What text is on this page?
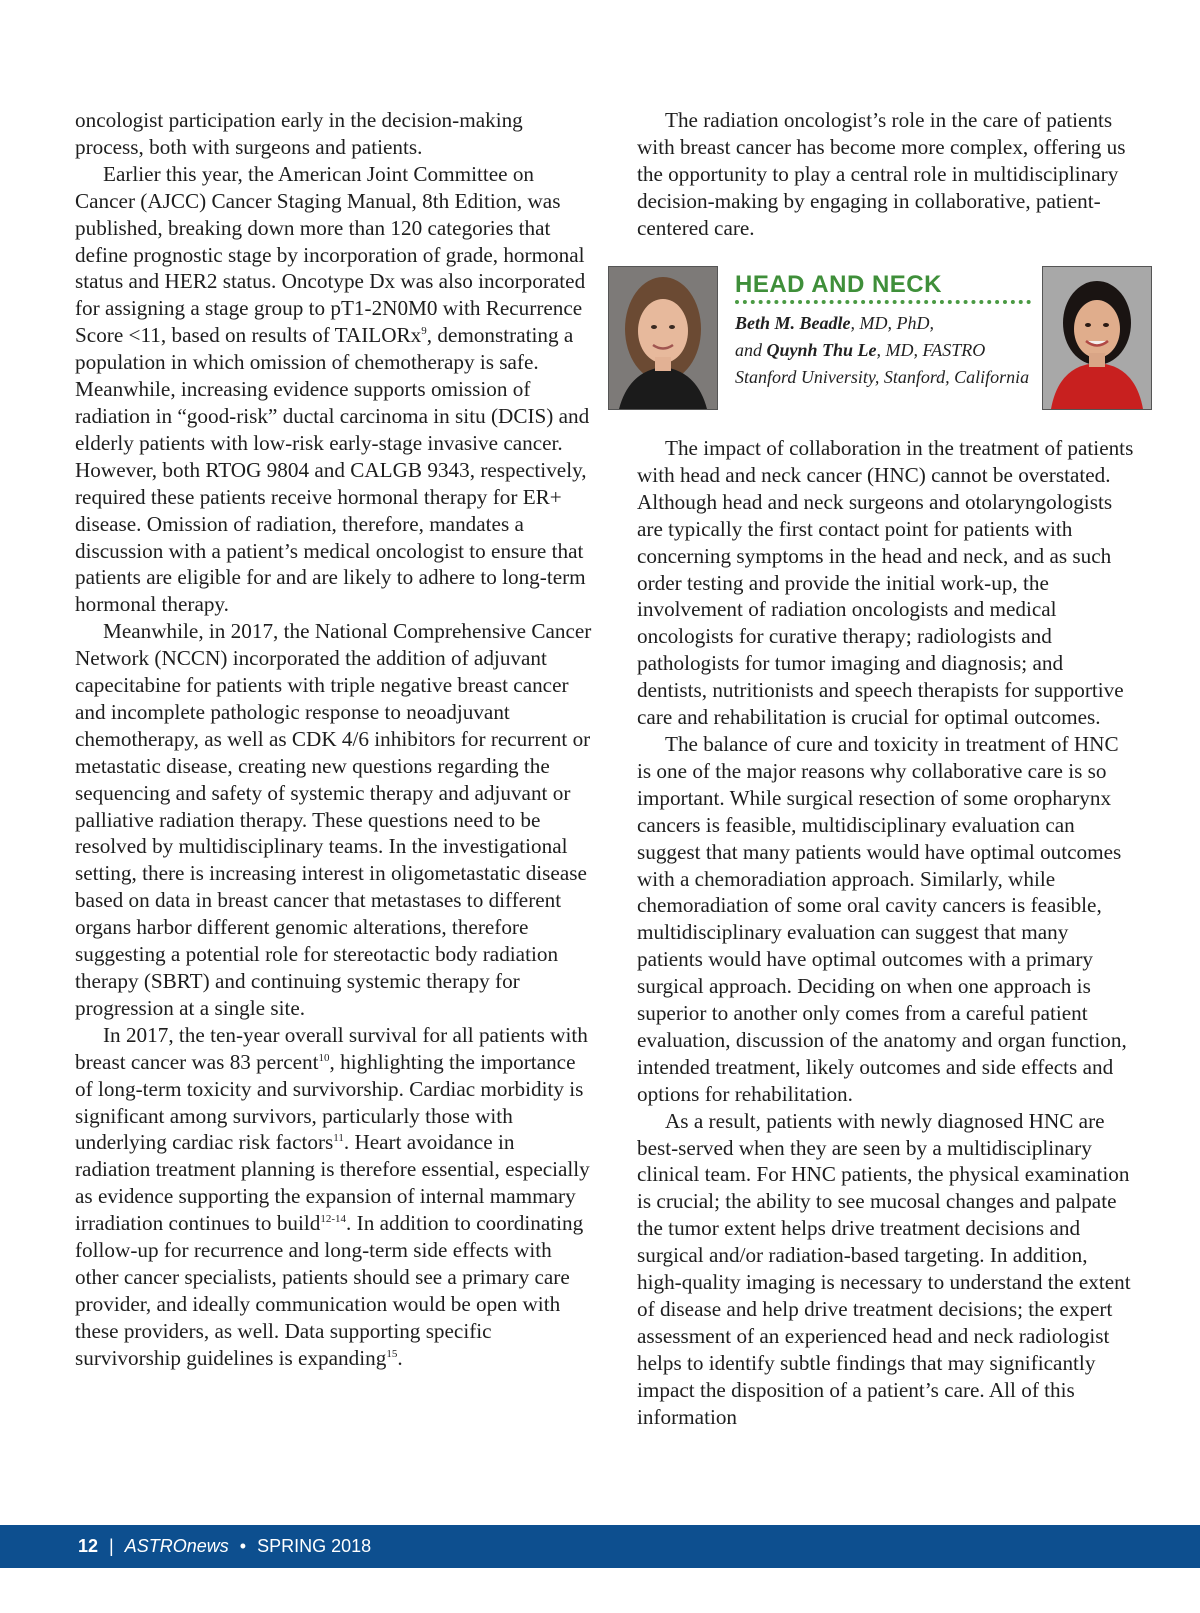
oncologist participation early in the decision-making process, both with surgeons and patients.

Earlier this year, the American Joint Committee on Cancer (AJCC) Cancer Staging Manual, 8th Edition, was published, breaking down more than 120 categories that define prognostic stage by incorporation of grade, hormonal status and HER2 status. Oncotype Dx was also incorporated for assigning a stage group to pT1-2N0M0 with Recurrence Score <11, based on results of TAILORx$^9$, demonstrating a population in which omission of chemotherapy is safe. Meanwhile, increasing evidence supports omission of radiation in “good-risk” ductal carcinoma in situ (DCIS) and elderly patients with low-risk early-stage invasive cancer. However, both RTOG 9804 and CALGB 9343, respectively, required these patients receive hormonal therapy for ER+ disease. Omission of radiation, therefore, mandates a discussion with a patient’s medical oncologist to ensure that patients are eligible for and are likely to adhere to long-term hormonal therapy.

Meanwhile, in 2017, the National Comprehensive Cancer Network (NCCN) incorporated the addition of adjuvant capecitabine for patients with triple negative breast cancer and incomplete pathologic response to neoadjuvant chemotherapy, as well as CDK 4/6 inhibitors for recurrent or metastatic disease, creating new questions regarding the sequencing and safety of systemic therapy and adjuvant or palliative radiation therapy. These questions need to be resolved by multidisciplinary teams. In the investigational setting, there is increasing interest in oligometastatic disease based on data in breast cancer that metastases to different organs harbor different genomic alterations, therefore suggesting a potential role for stereotactic body radiation therapy (SBRT) and continuing systemic therapy for progression at a single site.

In 2017, the ten-year overall survival for all patients with breast cancer was 83 percent$^{10}$, highlighting the importance of long-term toxicity and survivorship. Cardiac morbidity is significant among survivors, particularly those with underlying cardiac risk factors$^{11}$. Heart avoidance in radiation treatment planning is therefore essential, especially as evidence supporting the expansion of internal mammary irradiation continues to build$^{12-14}$. In addition to coordinating follow-up for recurrence and long-term side effects with other cancer specialists, patients should see a primary care provider, and ideally communication would be open with these providers, as well. Data supporting specific survivorship guidelines is expanding$^{15}$.

The radiation oncologist’s role in the care of patients with breast cancer has become more complex, offering us the opportunity to play a central role in multidisciplinary decision-making by engaging in collaborative, patient-centered care.

HEAD AND NECK
Beth M. Beadle, MD, PhD,
and Quynh Thu Le, MD, FASTRO
Stanford University, Stanford, California

The impact of collaboration in the treatment of patients with head and neck cancer (HNC) cannot be overstated. Although head and neck surgeons and otolaryngologists are typically the first contact point for patients with concerning symptoms in the head and neck, and as such order testing and provide the initial work-up, the involvement of radiation oncologists and medical oncologists for curative therapy; radiologists and pathologists for tumor imaging and diagnosis; and dentists, nutritionists and speech therapists for supportive care and rehabilitation is crucial for optimal outcomes.

The balance of cure and toxicity in treatment of HNC is one of the major reasons why collaborative care is so important. While surgical resection of some oropharynx cancers is feasible, multidisciplinary evaluation can suggest that many patients would have optimal outcomes with a chemoradiation approach. Similarly, while chemoradiation of some oral cavity cancers is feasible, multidisciplinary evaluation can suggest that many patients would have optimal outcomes with a primary surgical approach. Deciding on when one approach is superior to another only comes from a careful patient evaluation, discussion of the anatomy and organ function, intended treatment, likely outcomes and side effects and options for rehabilitation.

As a result, patients with newly diagnosed HNC are best-served when they are seen by a multidisciplinary clinical team. For HNC patients, the physical examination is crucial; the ability to see mucosal changes and palpate the tumor extent helps drive treatment decisions and surgical and/or radiation-based targeting. In addition, high-quality imaging is necessary to understand the extent of disease and help drive treatment decisions; the expert assessment of an experienced head and neck radiologist helps to identify subtle findings that may significantly impact the disposition of a patient’s care. All of this information

12 | ASTROnews • SPRING 2018
